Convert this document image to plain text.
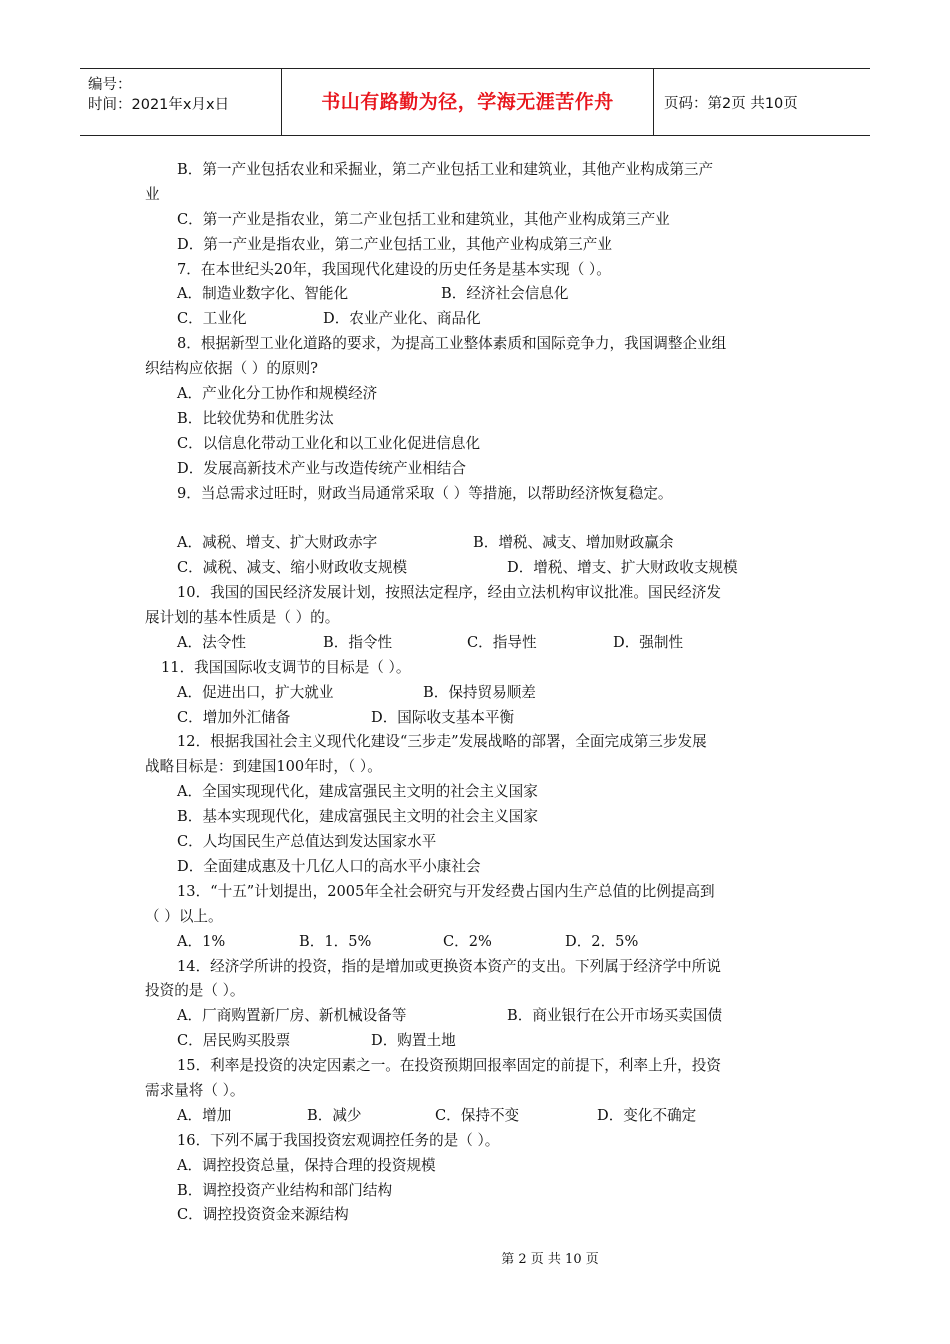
编号：
时间：2021年x月x日	书山有路勤为径，学海无涯苦作舟	页码：第2页 共10页
B．第一产业包括农业和采掘业，第二产业包括工业和建筑业，其他产业构成第三产
业
C．第一产业是指农业，第二产业包括工业和建筑业，其他产业构成第三产业
D．第一产业是指农业，第二产业包括工业，其他产业构成第三产业
7．在本世纪头20年，我国现代化建设的历史任务是基本实现（ ）。
A．制造业数字化、智能化	B．经济社会信息化
C．工业化	D．农业产业化、商品化
8．根据新型工业化道路的要求，为提高工业整体素质和国际竞争力，我国调整企业组
织结构应依据（ ）的原则?
A．产业化分工协作和规模经济
B．比较优势和优胜劣汰
C．以信息化带动工业化和以工业化促进信息化
D．发展高新技术产业与改造传统产业相结合
9．当总需求过旺时，财政当局通常采取（ ）等措施，以帮助经济恢复稳定。
A．减税、增支、扩大财政赤字	B．增税、减支、增加财政赢余
C．减税、减支、缩小财政收支规模	D．增税、增支、扩大财政收支规模
10．我国的国民经济发展计划，按照法定程序，经由立法机构审议批准。国民经济发
展计划的基本性质是（ ）的。
A．法令性	B．指令性	C．指导性	D．强制性
11．我国国际收支调节的目标是（ ）。
A．促进出口，扩大就业	B．保持贸易顺差
C．增加外汇储备	D．国际收支基本平衡
12．根据我国社会主义现代化建设“三步走”发展战略的部署，全面完成第三步发展
战略目标是：到建国100年时，（ ）。
A．全国实现现代化，建成富强民主文明的社会主义国家
B．基本实现现代化，建成富强民主文明的社会主义国家
C．人均国民生产总值达到发达国家水平
D．全面建成惠及十几亿人口的高水平小康社会
13．“十五”计划提出，2005年全社会研究与开发经费占国内生产总值的比例提高到
（ ）以上。
A．1%	B．1．5%	C．2%	D．2．5%
14．经济学所讲的投资，指的是增加或更换资本资产的支出。下列属于经济学中所说
投资的是（ ）。
A．厂商购置新厂房、新机械设备等	B．商业银行在公开市场买卖国债
C．居民购买股票	D．购置土地
15．利率是投资的决定因素之一。在投资预期回报率固定的前提下，利率上升，投资
需求量将（ ）。
A．增加	B．减少	C．保持不变	D．变化不确定
16．下列不属于我国投资宏观调控任务的是（ ）。
A．调控投资总量，保持合理的投资规模
B．调控投资产业结构和部门结构
C．调控投资资金来源结构
第 2 页 共 10 页
